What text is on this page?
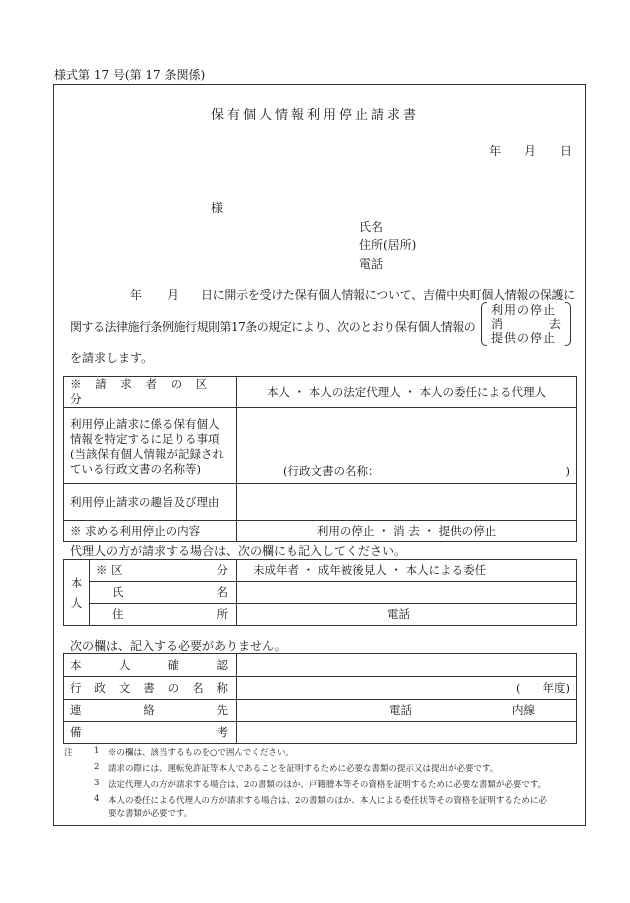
様式第 17 号(第 17 条関係)
保有個人情報利用停止請求書
年 月 日
様
氏名
住所(居所)
電話
年 月 日に開示を受けた保有個人情報について、吉備中央町個人情報の保護に
関する法律施行条例施行規則第17条の規定により、次のとおり保有個人情報の
利用の停止
消去
提供の停止
を請求します。
※ 請 求 者 の 区 分	本人 ・ 本人の法定代理人 ・ 本人の委任による代理人
利用停止請求に係る保有個人情報を特定するに足りる事項(当該保有個人情報が記録されている行政文書の名称等)	(行政文書の名称： )

利用停止請求の趣旨及び理由	
※ 求める利用停止の内容	利用の停止 ・ 消 去 ・ 提供の停止
代理人の方が請求する場合は、次の欄にも記入してください。
本人	※ 区 分	未成年者 ・ 成年被後見人 ・ 本人による委任

	氏 名	

	住 所	電話
次の欄は、記入する必要がありません。
本人確認	

行政文書の名称	( 年度)

連絡先	電話 内線

備考	

注	1 ※の欄は、該当するものを○で囲んでください。
2 請求の際には、運転免許証等本人であることを証明するために必要な書類の提示又は提出が必要です。
3 法定代理人の方が請求する場合は、2の書類のほか、戸籍謄本等その資格を証明するために必要な書類が必要です。
4 本人の委任による代理人の方が請求する場合は、2の書類のほか、本人による委任状等その資格を証明するために必
要な書類が必要です。
